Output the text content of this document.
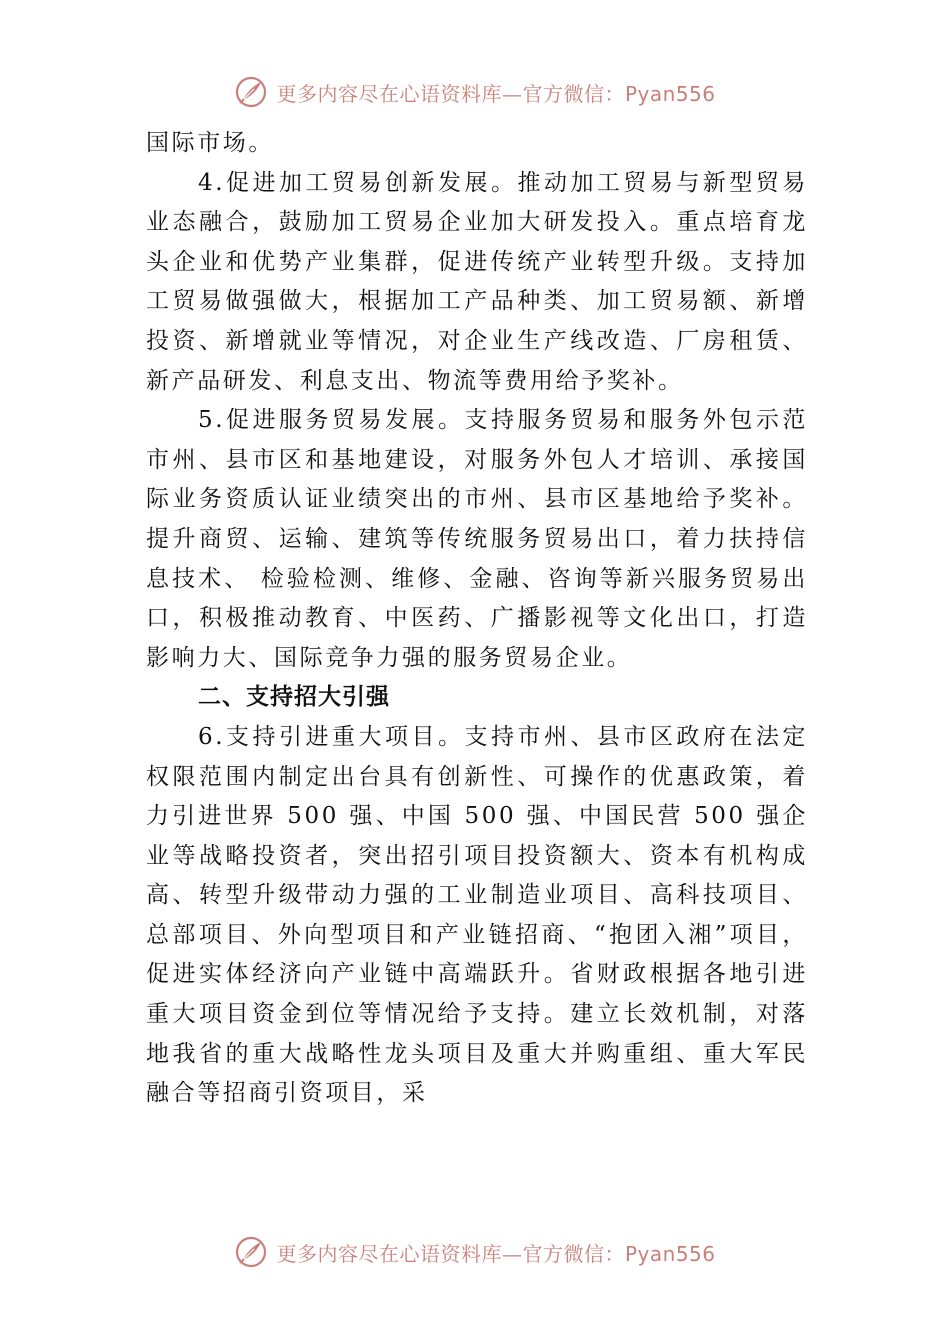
更多内容尽在心语资料库—官方微信：Pyan556

国际市场。

4.促进加工贸易创新发展。推动加工贸易与新型贸易业态融合，鼓励加工贸易企业加大研发投入。重点培育龙头企业和优势产业集群，促进传统产业转型升级。支持加工贸易做强做大，根据加工产品种类、加工贸易额、新增投资、新增就业等情况，对企业生产线改造、厂房租赁、新产品研发、利息支出、物流等费用给予奖补。

5.促进服务贸易发展。支持服务贸易和服务外包示范市州、县市区和基地建设，对服务外包人才培训、承接国际业务资质认证业绩突出的市州、县市区基地给予奖补。提升商贸、运输、建筑等传统服务贸易出口，着力扶持信息技术、 检验检测、维修、金融、咨询等新兴服务贸易出口，积极推动教育、中医药、广播影视等文化出口，打造影响力大、国际竞争力强的服务贸易企业。

二、支持招大引强

6.支持引进重大项目。支持市州、县市区政府在法定权限范围内制定出台具有创新性、可操作的优惠政策，着力引进世界 500 强、中国 500 强、中国民营 500 强企业等战略投资者，突出招引项目投资额大、资本有机构成高、转型升级带动力强的工业制造业项目、高科技项目、总部项目、外向型项目和产业链招商、“抱团入湘”项目，促进实体经济向产业链中高端跃升。省财政根据各地引进重大项目资金到位等情况给予支持。建立长效机制，对落地我省的重大战略性龙头项目及重大并购重组、重大军民融合等招商引资项目，采

更多内容尽在心语资料库—官方微信：Pyan556
